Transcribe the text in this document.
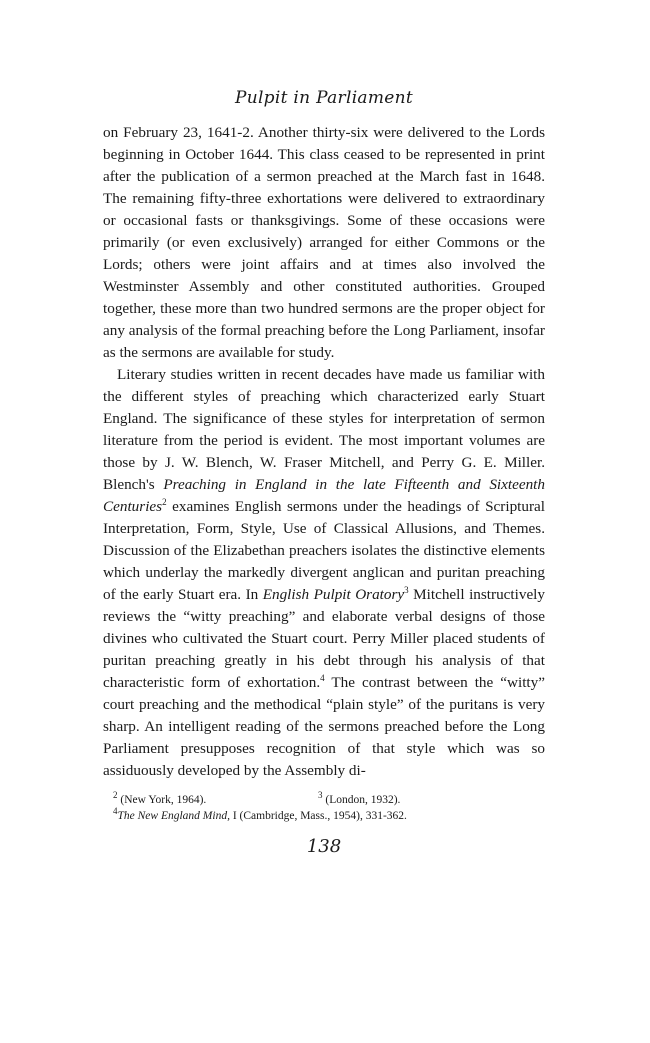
Pulpit in Parliament

on February 23, 1641-2. Another thirty-six were delivered to the Lords beginning in October 1644. This class ceased to be represented in print after the publication of a sermon preached at the March fast in 1648. The remaining fifty-three exhortations were delivered to extraordinary or occasional fasts or thanksgivings. Some of these occasions were primarily (or even exclusively) arranged for either Commons or the Lords; others were joint affairs and at times also involved the Westminster Assembly and other constituted authorities. Grouped together, these more than two hundred sermons are the proper object for any analysis of the formal preaching before the Long Parliament, insofar as the sermons are available for study.

Literary studies written in recent decades have made us familiar with the different styles of preaching which characterized early Stuart England. The significance of these styles for interpretation of sermon literature from the period is evident. The most important volumes are those by J. W. Blench, W. Fraser Mitchell, and Perry G. E. Miller. Blench's Preaching in England in the late Fifteenth and Sixteenth Centuries$^2$ examines English sermons under the headings of Scriptural Interpretation, Form, Style, Use of Classical Allusions, and Themes. Discussion of the Elizabethan preachers isolates the distinctive elements which underlay the markedly divergent anglican and puritan preaching of the early Stuart era. In English Pulpit Oratory$^3$ Mitchell instructively reviews the “witty preaching” and elaborate verbal designs of those divines who cultivated the Stuart court. Perry Miller placed students of puritan preaching greatly in his debt through his analysis of that characteristic form of exhortation.$^4$ The contrast between the “witty” court preaching and the methodical “plain style” of the puritans is very sharp. An intelligent reading of the sermons preached before the Long Parliament presupposes recognition of that style which was so assiduously developed by the Assembly di-

$^2$ (New York, 1964).	$^3$ (London, 1932).
$^4$The New England Mind, I (Cambridge, Mass., 1954), 331-362.
138
